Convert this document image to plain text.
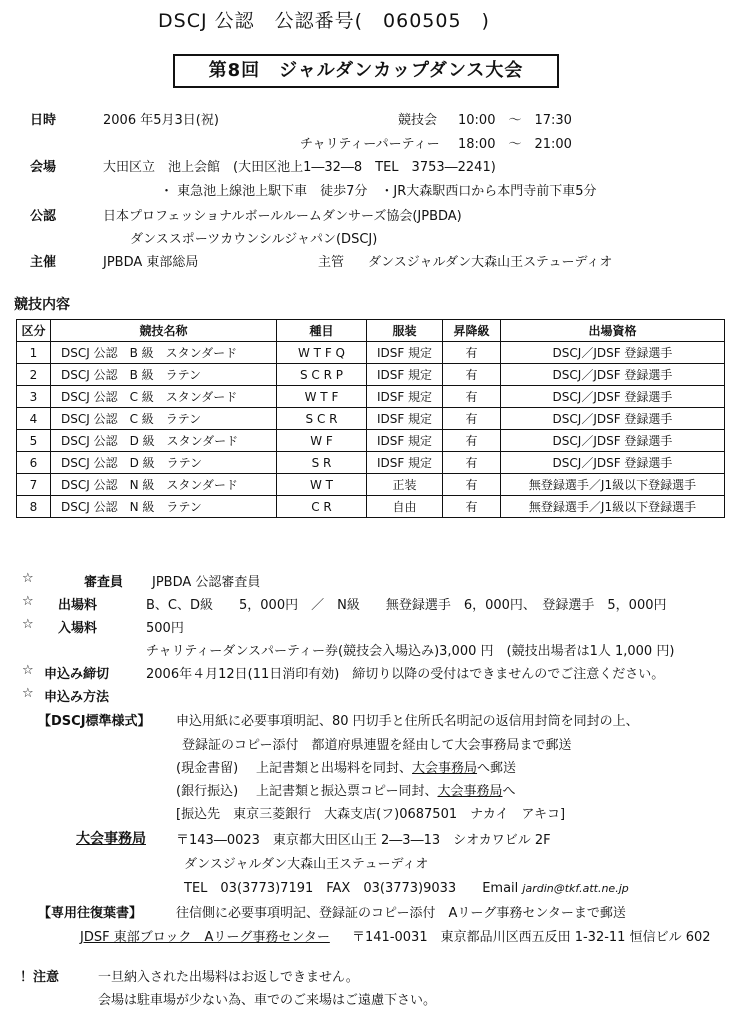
DSCJ 公認　公認番号(　060505　)
第8回　ジャルダンカップダンス大会
日時	2006 年5月3日(祝)	競技会 10:00　～　17:30
チャリティーパーティー 18:00　～　21:00
会場	大田区立　池上会館　(大田区池上1―32―8　TEL　3753―2241)
・ 東急池上線池上駅下車　徒歩7分　・JR大森駅西口から本門寺前下車5分
公認	日本プロフェッショナルボールルームダンサーズ協会(JPBDA)
ダンススポーツカウンシルジャパン(DSCJ)
主催	JPBDA 東部総局	主管 ダンスジャルダン大森山王ステューディオ
競技内容
区分	競技名称	種目	服装	昇降級	出場資格
1	DSCJ 公認　B 級　スタンダード	W T F Q	IDSF 規定	有	DSCJ／JDSF 登録選手
2	DSCJ 公認　B 級　ラテン	S C R P	IDSF 規定	有	DSCJ／JDSF 登録選手
3	DSCJ 公認　C 級　スタンダード	W T F	IDSF 規定	有	DSCJ／JDSF 登録選手
4	DSCJ 公認　C 級　ラテン	S C R	IDSF 規定	有	DSCJ／JDSF 登録選手
5	DSCJ 公認　D 級　スタンダード	W F	IDSF 規定	有	DSCJ／JDSF 登録選手
6	DSCJ 公認　D 級　ラテン	S R	IDSF 規定	有	DSCJ／JDSF 登録選手
7	DSCJ 公認　N 級　スタンダード	W T	正装	有	無登録選手／J1級以下登録選手
8	DSCJ 公認　N 級　ラテン	C R	自由	有	無登録選手／J1級以下登録選手
☆	審査員 JPBDA 公認審査員
☆ 出場料	B、C、D級　　5，000円　／　N級　　無登録選手　6，000円、　登録選手　5，000円
☆ 入場料	500円
チャリティーダンスパーティー券(競技会入場込み)3,000 円　(競技出場者は1人 1,000 円)
☆ 申込み締切	2006年４月12日(11日消印有効)　締切り以降の受付はできませんのでご注意ください。
☆ 申込み方法
【DSCJ標準様式】 申込用紙に必要事項明記、80 円切手と住所氏名明記の返信用封筒を同封の上、
登録証のコピー添付　都道府県連盟を経由して大会事務局まで郵送
(現金書留) 上記書類と出場料を同封、大会事務局へ郵送
(銀行振込) 上記書類と振込票コピー同封、大会事務局へ
[振込先　東京三菱銀行　大森支店(フ)0687501　ナカイ　アキコ]
大会事務局 〒143―0023　東京都大田区山王 2―3―13　シオカワビル 2F
ダンスジャルダン大森山王ステューディオ
TEL　03(3773)7191　FAX　03(3773)9033　　Email jardin@tkf.att.ne.jp
【専用往復葉書】	往信側に必要事項明記、登録証のコピー添付　Aリーグ事務センターまで郵送
JDSF 東部ブロック　Aリーグ事務センター 〒141-0031　東京都品川区西五反田 1-32-11 恒信ビル 602
！注意	一旦納入された出場料はお返しできません。
会場は駐車場が少ない為、車でのご来場はご遠慮下さい。
